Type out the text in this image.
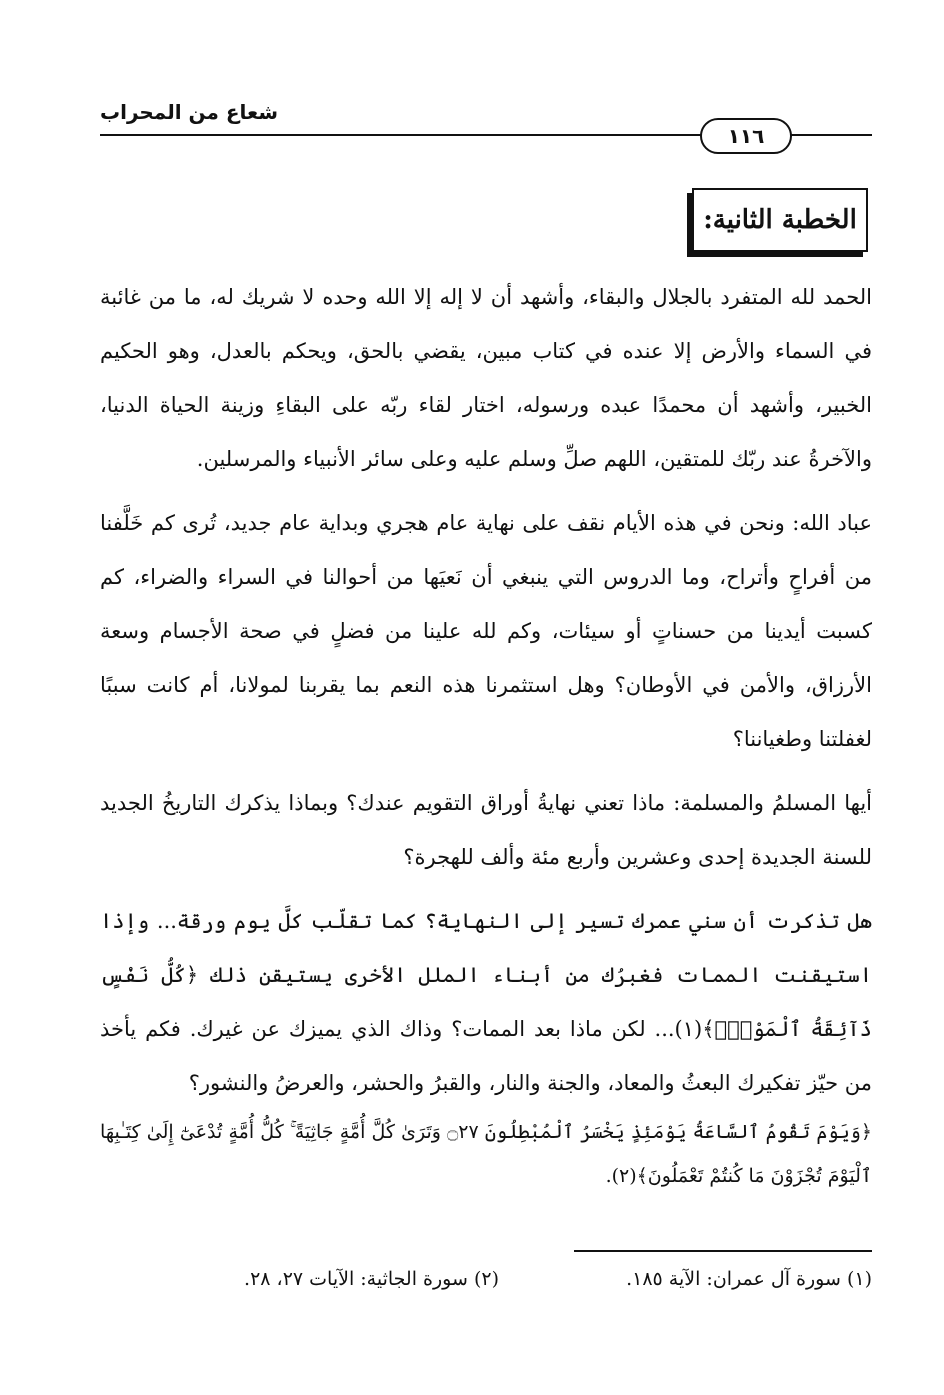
شعاع من المحراب
١١٦
الخطبة الثانية:

الحمد لله المتفرد بالجلال والبقاء، وأشهد أن لا إله إلا الله وحده لا شريك له، ما من غائبة في السماء والأرض إلا عنده في كتاب مبين، يقضي بالحق، ويحكم بالعدل، وهو الحكيم الخبير، وأشهد أن محمدًا عبده ورسوله، اختار لقاء ربّه على البقاءِ وزينة الحياة الدنيا، والآخرةُ عند ربّك للمتقين، اللهم صلِّ وسلم عليه وعلى سائر الأنبياء والمرسلين.

عباد الله: ونحن في هذه الأيام نقف على نهاية عام هجري وبداية عام جديد، تُرى كم خَلَّفنا من أفراحٍ وأتراح، وما الدروس التي ينبغي أن نَعيَها من أحوالنا في السراء والضراء، كم كسبت أيدينا من حسناتٍ أو سيئات، وكم لله علينا من فضلٍ في صحة الأجسام وسعة الأرزاق، والأمن في الأوطان؟ وهل استثمرنا هذه النعم بما يقربنا لمولانا، أم كانت سببًا لغفلتنا وطغياننا؟

أيها المسلمُ والمسلمة: ماذا تعني نهايةُ أوراق التقويم عندك؟ وبماذا يذكرك التاريخُ الجديد للسنة الجديدة إحدى وعشرين وأربع مئة وألف للهجرة؟

هل تذكرت أن سني عمرك تسير إلى النهاية؟ كما تقلّب كلَّ يوم ورقة... وإذا استيقنت الممات فغبرُك من أبناء الملل الأخرى يستيقن ذلك ﴿كُلُّ نَفْسٍ ذَآئِقَةُ ٱلْمَوْتِۗ﴾(١)... لكن ماذا بعد الممات؟ وذاك الذي يميزك عن غيرك. فكم يأخذ من حيّز تفكيرك البعثُ والمعاد، والجنة والنار، والقبرُ والحشر، والعرضُ والنشور؟

﴿وَيَوْمَ تَقُومُ ٱلسَّاعَةُ يَوْمَئِذٍ يَخْسَرُ ٱلْمُبْطِلُونَ ۝٢٧ وَتَرَىٰ كُلَّ أُمَّةٍ جَاثِيَةً ۚ كُلُّ أُمَّةٍ تُدْعَىٰٓ إِلَىٰ كِتَـٰبِهَا ٱلْيَوْمَ تُجْزَوْنَ مَا كُنتُمْ تَعْمَلُونَ﴾(٢).

(١) سورة آل عمران: الآية ١٨٥.
(٢) سورة الجاثية: الآيات ٢٧، ٢٨.
